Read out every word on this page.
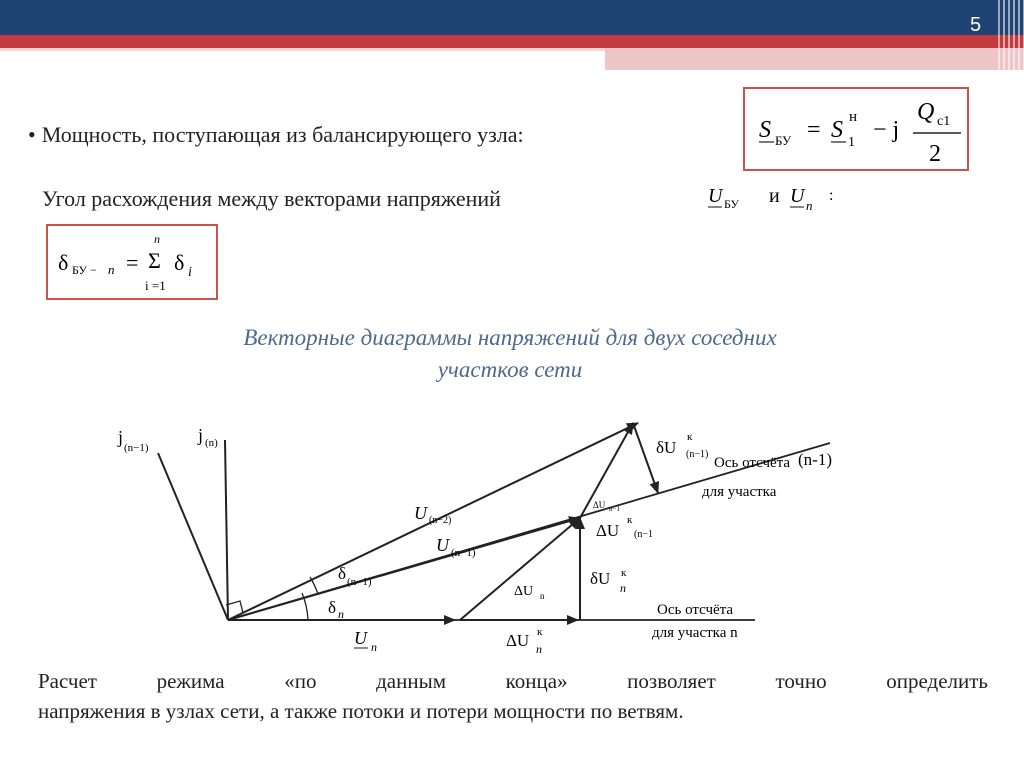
5
• Мощность, поступающая из балансирующего узла:	S БУ = S н
1 − j
Q c1
2
Угол расхождения между векторами напряжений	U БУ и U n
:
δ БУ − n =
n
Σ
i =1
δ i
Векторные диаграммы напряжений для двух соседних
участков сети
j
(n−1)
j (n)	δU
к
(n−1)
Ось отсчёта (n-1)
для участка
U (n−2)
ΔU n−1
ΔU
к
(n−1
U (n−1)
δ (n−1)
ΔU n
δU к
n
δ n	Ось отсчёта
для участка n
U n	ΔU к
n
Расчет режима «по данным конца» позволяет точно определить
напряжения в узлах сети, а также потоки и потери мощности по ветвям.
